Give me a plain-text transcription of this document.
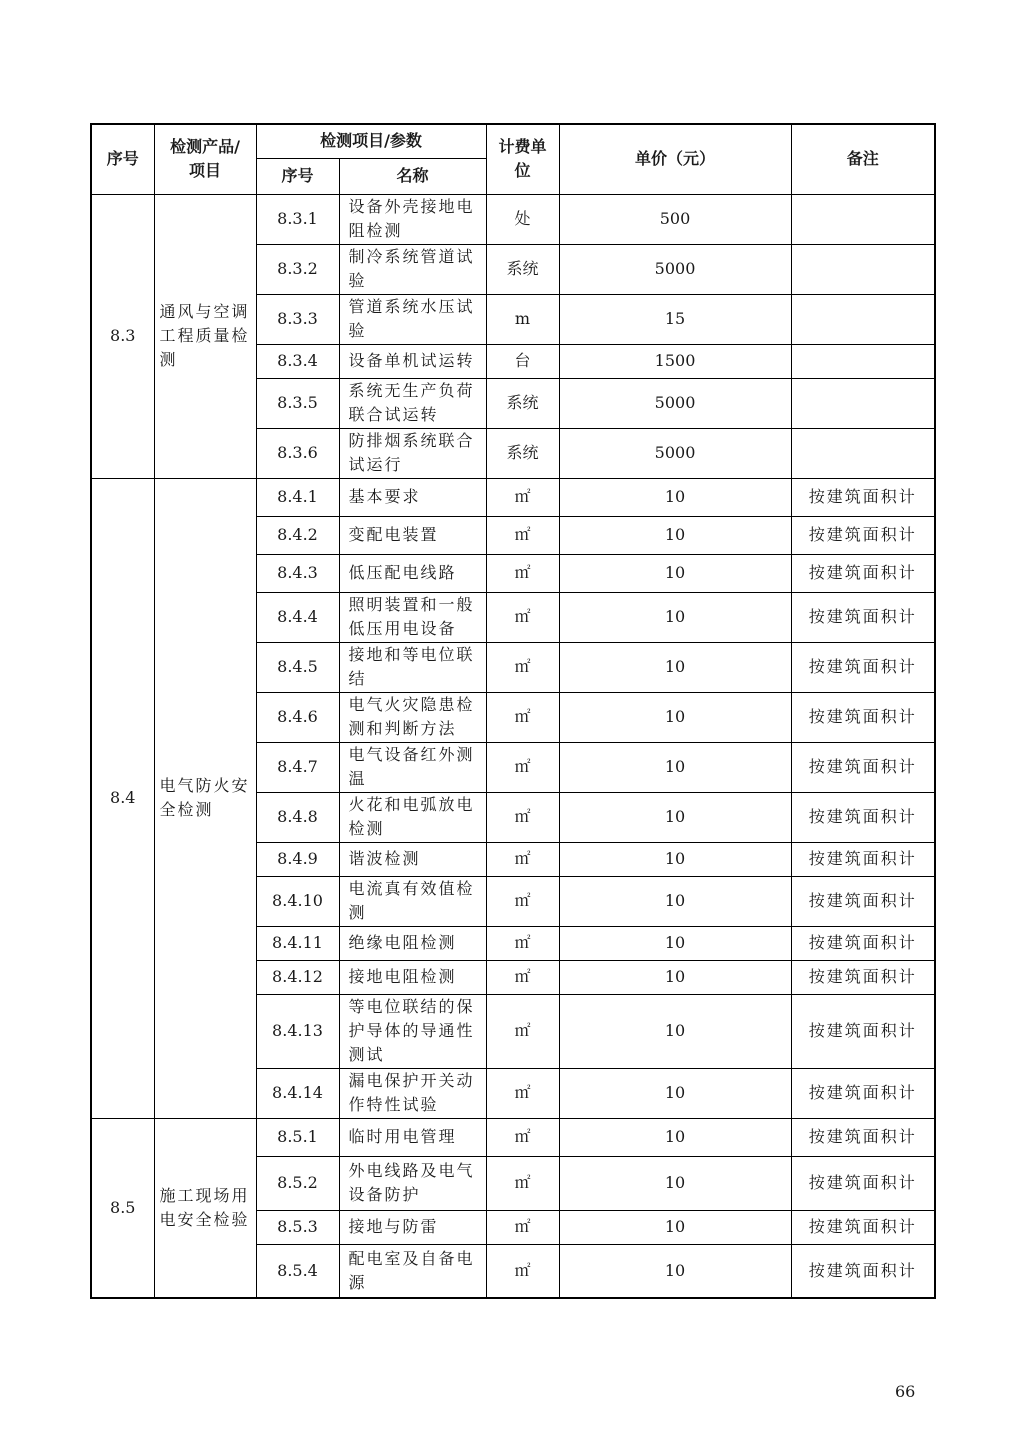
序号	检测产品/项目	检测项目/参数		计费单位	单价（元）	备注
		序号	名称			
8.3	通风与空调工程质量检测	8.3.1	设备外壳接地电阻检测	处	500	
		8.3.2	制冷系统管道试验	系统	5000	
		8.3.3	管道系统水压试验	m	15	
		8.3.4	设备单机试运转	台	1500	
		8.3.5	系统无生产负荷联合试运转	系统	5000	
		8.3.6	防排烟系统联合试运行	系统	5000	
8.4	电气防火安全检测	8.4.1	基本要求	㎡	10	按建筑面积计
		8.4.2	变配电装置	㎡	10	按建筑面积计
		8.4.3	低压配电线路	㎡	10	按建筑面积计
		8.4.4	照明装置和一般低压用电设备	㎡	10	按建筑面积计
		8.4.5	接地和等电位联结	㎡	10	按建筑面积计
		8.4.6	电气火灾隐患检测和判断方法	㎡	10	按建筑面积计
		8.4.7	电气设备红外测温	㎡	10	按建筑面积计
		8.4.8	火花和电弧放电检测	㎡	10	按建筑面积计
		8.4.9	谐波检测	㎡	10	按建筑面积计
		8.4.10	电流真有效值检测	㎡	10	按建筑面积计
		8.4.11	绝缘电阻检测	㎡	10	按建筑面积计
		8.4.12	接地电阻检测	㎡	10	按建筑面积计
		8.4.13	等电位联结的保护导体的导通性测试	㎡	10	按建筑面积计
		8.4.14	漏电保护开关动作特性试验	㎡	10	按建筑面积计
8.5	施工现场用电安全检验	8.5.1	临时用电管理	㎡	10	按建筑面积计
		8.5.2	外电线路及电气设备防护	㎡	10	按建筑面积计
		8.5.3	接地与防雷	㎡	10	按建筑面积计
		8.5.4	配电室及自备电源	㎡	10	按建筑面积计
66
